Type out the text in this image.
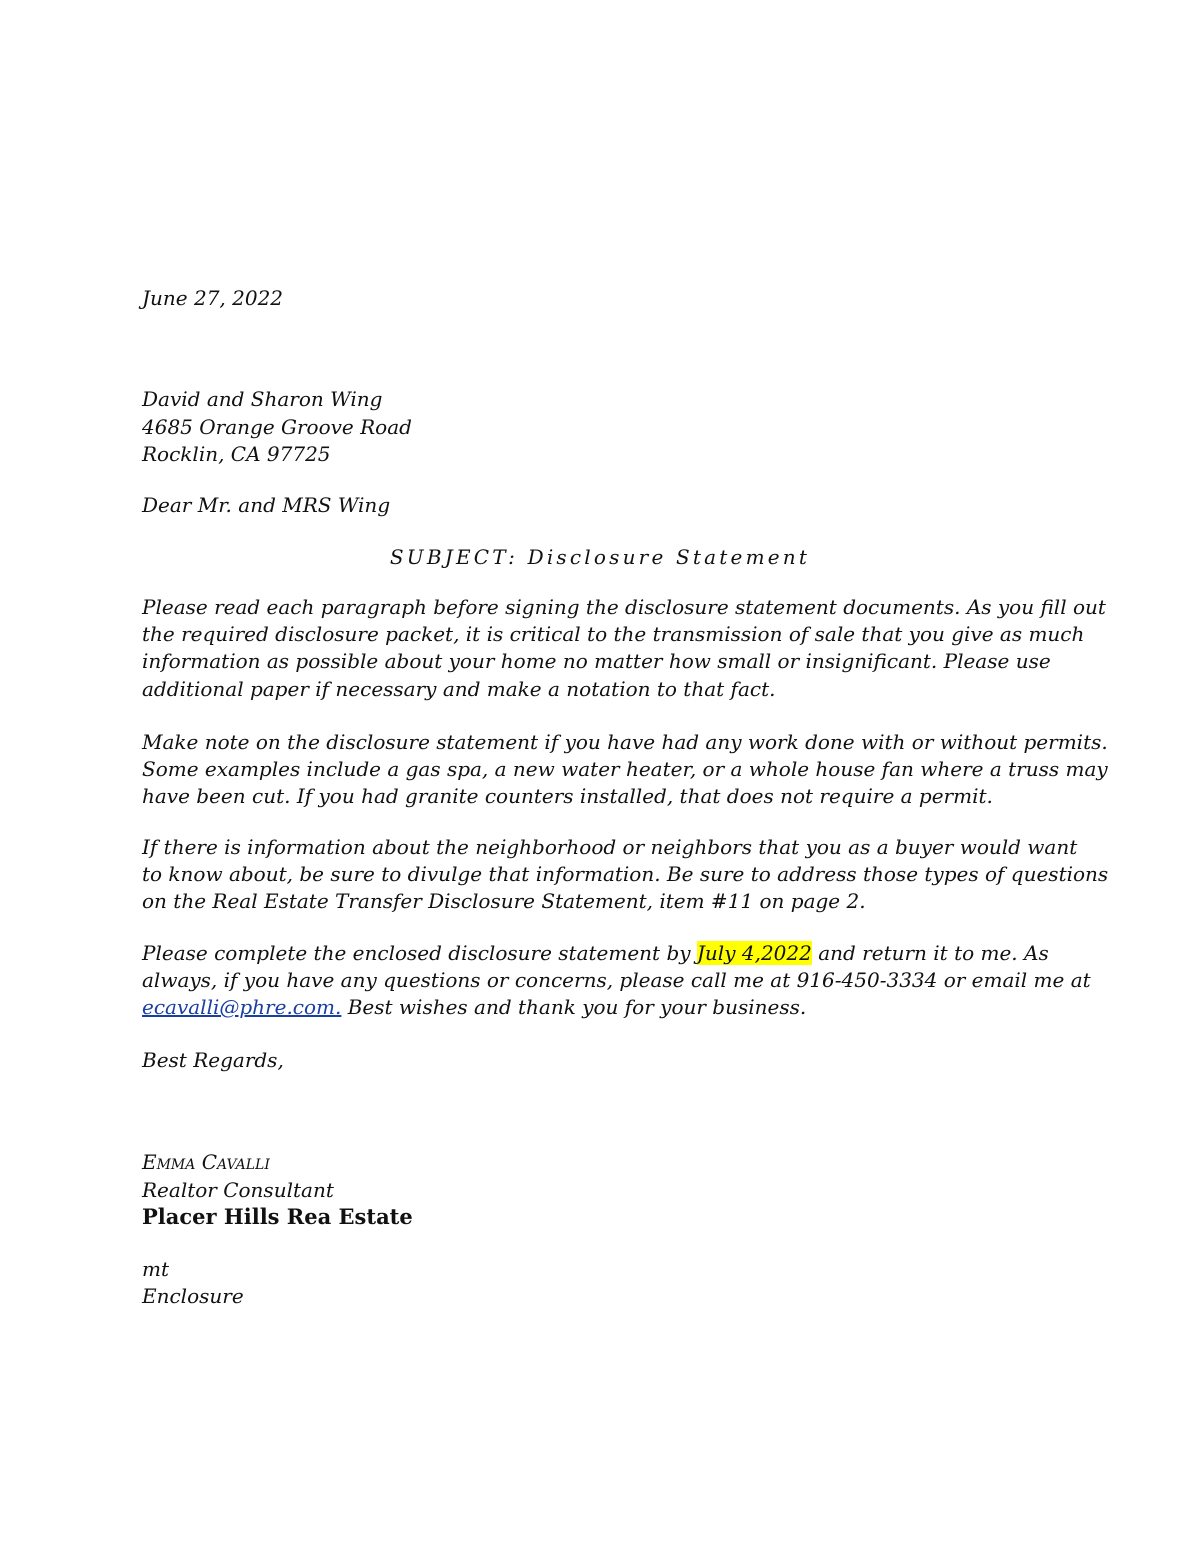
June 27, 2022
David and Sharon Wing
4685 Orange Groove Road
Rocklin, CA 97725
Dear Mr. and MRS Wing
SUBJECT: Disclosure Statement
Please read each paragraph before signing the disclosure statement documents. As you fill out
the required disclosure packet, it is critical to the transmission of sale that you give as much
information as possible about your home no matter how small or insignificant. Please use
additional paper if necessary and make a notation to that fact.
Make note on the disclosure statement if you have had any work done with or without permits.
Some examples include a gas spa, a new water heater, or a whole house fan where a truss may
have been cut. If you had granite counters installed, that does not require a permit.
If there is information about the neighborhood or neighbors that you as a buyer would want
to know about, be sure to divulge that information. Be sure to address those types of questions
on the Real Estate Transfer Disclosure Statement, item #11 on page 2.
Please complete the enclosed disclosure statement by July 4,2022 and return it to me. As
always, if you have any questions or concerns, please call me at 916-450-3334 or email me at
ecavalli@phre.com. Best wishes and thank you for your business.
Best Regards,
Emma Cavalli
Realtor Consultant
Placer Hills Rea Estate
mt
Enclosure
